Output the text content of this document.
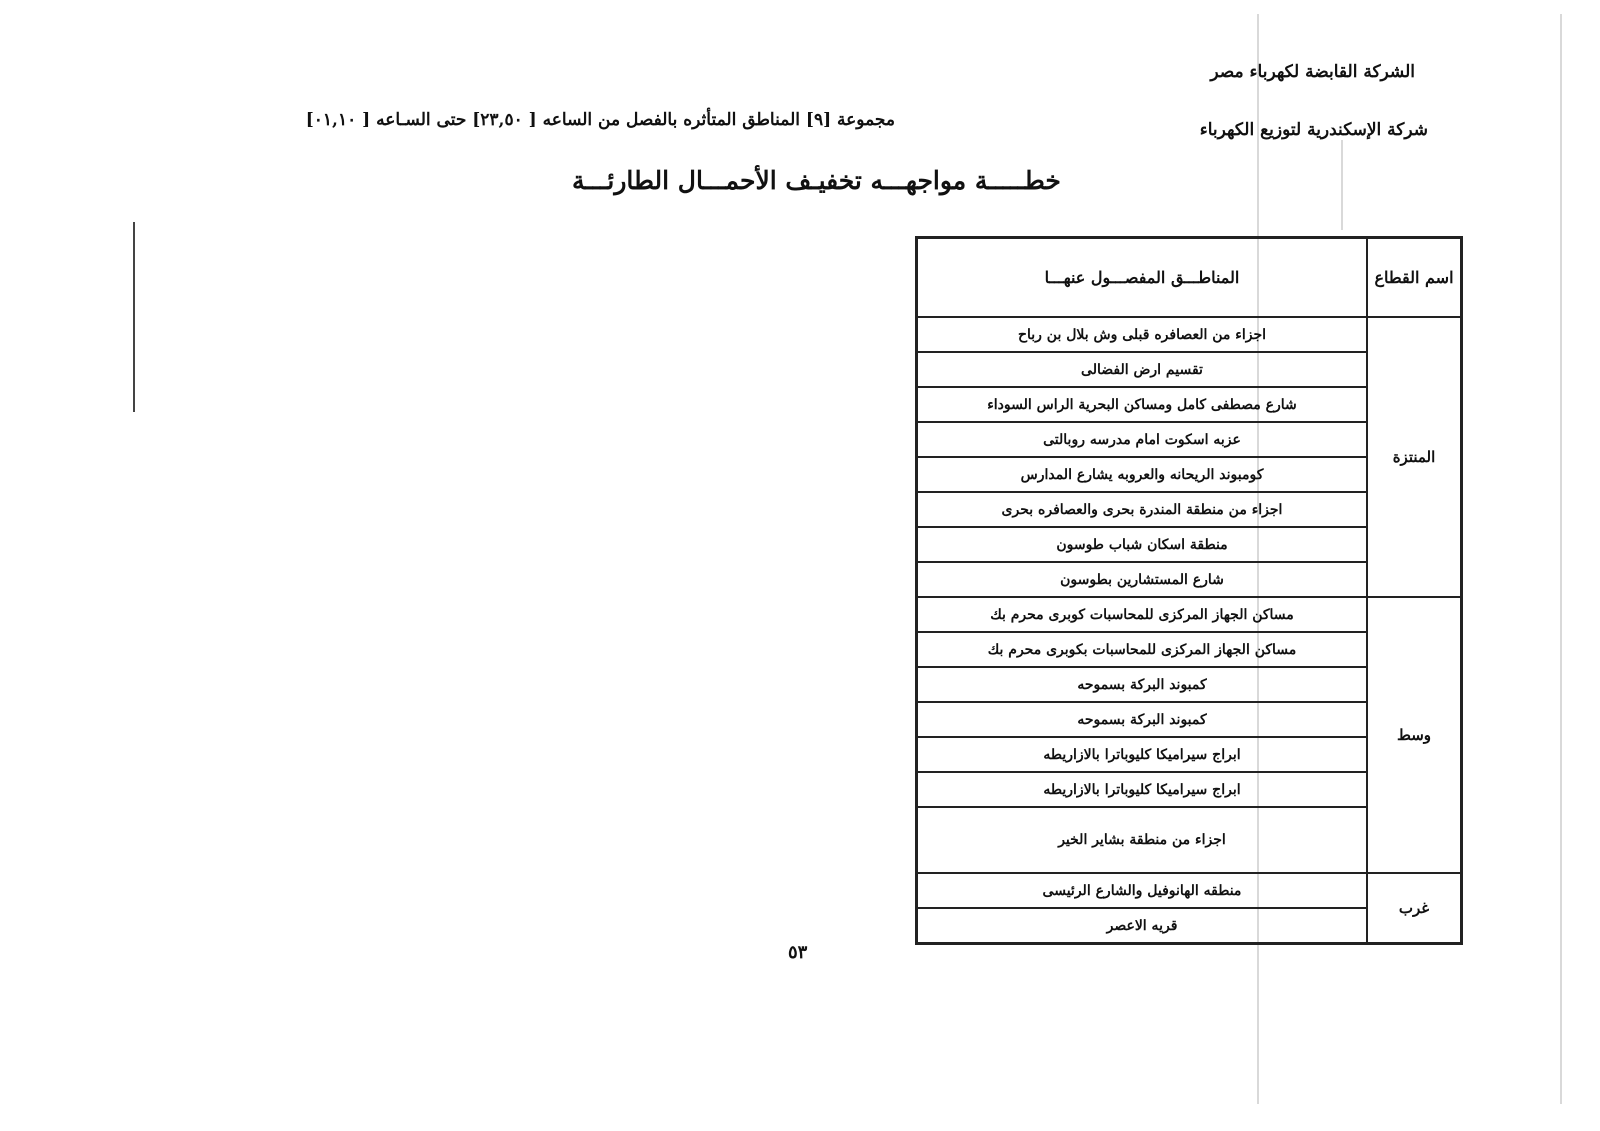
الشركة القابضة لكهرباء مصر
شركة الإسكندرية لتوزيع الكهرباء
مجموعة [٩] المناطق المتأثره بالفصل من الساعه [ ٢٣,٥٠] حتى السـاعه [ ٠١,١٠]
خطـــــة مواجهـــه تخفيـف الأحمـــال الطارئـــة
اسم القطاع	المناطـــق المفصـــول عنهـــا
المنتزة	اجزاء من العصافره قبلى وش بلال بن رباح
	تقسيم ارض الفضالى
	شارع مصطفى كامل ومساكن البحرية الراس السوداء
	عزبه اسكوت امام مدرسه روبالتى
	كومبوند الريحانه والعروبه يشارع المدارس
	اجزاء من منطقة المندرة بحرى والعصافره بحرى
	منطقة اسكان شباب طوسون
	شارع المستشارين بطوسون
وسط	مساكن الجهاز المركزى للمحاسبات كوبرى محرم بك
	مساكن الجهاز المركزى للمحاسبات بكوبرى محرم بك
	كمبوند البركة بسموحه
	كمبوند البركة بسموحه
	ابراج سيراميكا كليوباترا بالازاريطه
	ابراج سيراميكا كليوباترا بالازاريطه
	اجزاء من منطقة بشاير الخير
غرب	منطقه الهانوفيل والشارع الرئيسى
	قريه الاعصر
٥٣
